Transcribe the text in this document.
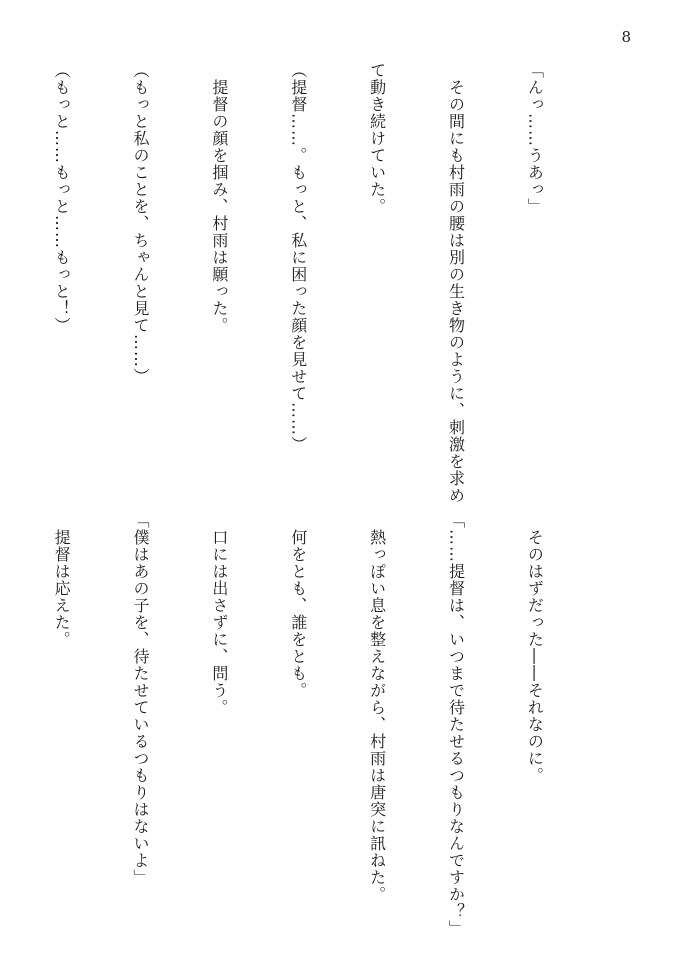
8

「んっ……うあっ」

　その間にも村雨の腰は別の生き物のように、刺激を求め

て動き続けていた。

（提督……。もっと、私に困った顔を見せて……）

　提督の顔を掴み、村雨は願った。

（もっと私のことを、ちゃんと見て……）

（もっと……もっと……もっと！）

　そのはずだった――それなのに。

「……提督は、いつまで待たせるつもりなんですか？」

　熱っぽい息を整えながら、村雨は唐突に訊ねた。

　何をとも、誰をとも。

　口には出さずに、問う。

「僕はあの子を、待たせているつもりはないよ」

　提督は応えた。
